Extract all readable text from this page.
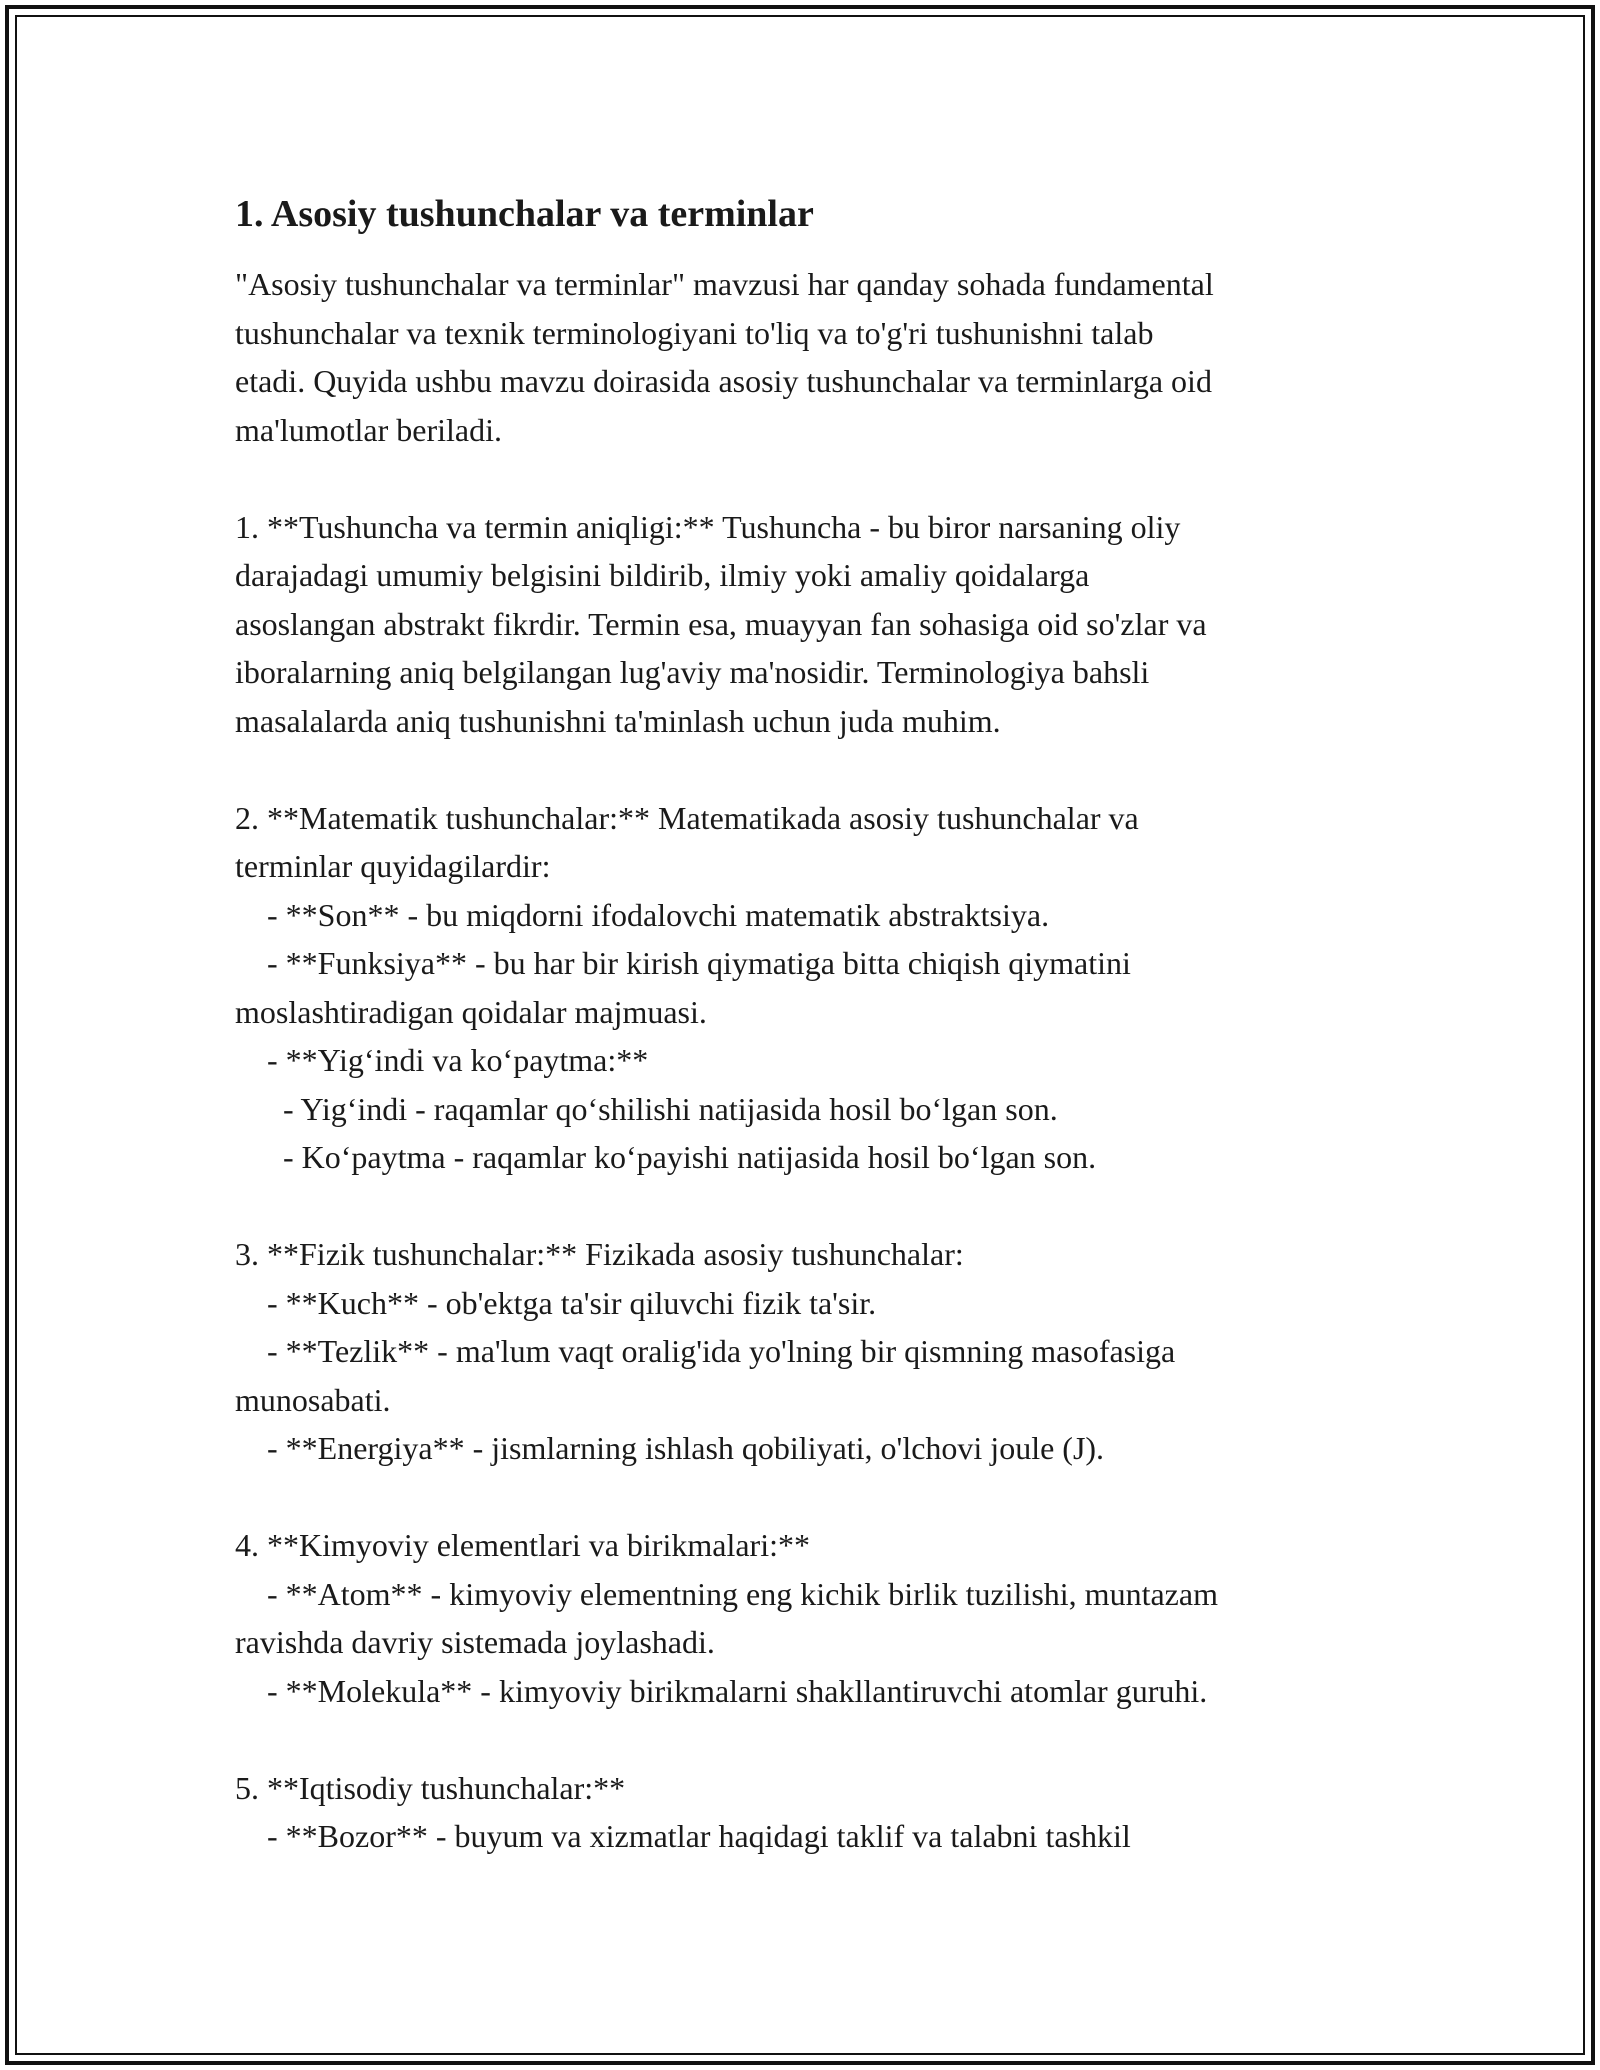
1. Asosiy tushunchalar va terminlar
"Asosiy tushunchalar va terminlar" mavzusi har qanday sohada fundamental
tushunchalar va texnik terminologiyani to'liq va to'g'ri tushunishni talab
etadi. Quyida ushbu mavzu doirasida asosiy tushunchalar va terminlarga oid
ma'lumotlar beriladi.
1. **Tushuncha va termin aniqligi:** Tushuncha - bu biror narsaning oliy
darajadagi umumiy belgisini bildirib, ilmiy yoki amaliy qoidalarga
asoslangan abstrakt fikrdir. Termin esa, muayyan fan sohasiga oid so'zlar va
iboralarning aniq belgilangan lug'aviy ma'nosidir. Terminologiya bahsli
masalalarda aniq tushunishni ta'minlash uchun juda muhim.
2. **Matematik tushunchalar:** Matematikada asosiy tushunchalar va
terminlar quyidagilardir:
- **Son** - bu miqdorni ifodalovchi matematik abstraktsiya.
- **Funksiya** - bu har bir kirish qiymatiga bitta chiqish qiymatini
moslashtiradigan qoidalar majmuasi.
- **Yig‘indi va ko‘paytma:**
- Yig‘indi - raqamlar qo‘shilishi natijasida hosil bo‘lgan son.
- Ko‘paytma - raqamlar ko‘payishi natijasida hosil bo‘lgan son.
3. **Fizik tushunchalar:** Fizikada asosiy tushunchalar:
- **Kuch** - ob'ektga ta'sir qiluvchi fizik ta'sir.
- **Tezlik** - ma'lum vaqt oralig'ida yo'lning bir qismning masofasiga
munosabati.
- **Energiya** - jismlarning ishlash qobiliyati, o'lchovi joule (J).
4. **Kimyoviy elementlari va birikmalari:**
- **Atom** - kimyoviy elementning eng kichik birlik tuzilishi, muntazam
ravishda davriy sistemada joylashadi.
- **Molekula** - kimyoviy birikmalarni shakllantiruvchi atomlar guruhi.
5. **Iqtisodiy tushunchalar:**
- **Bozor** - buyum va xizmatlar haqidagi taklif va talabni tashkil
